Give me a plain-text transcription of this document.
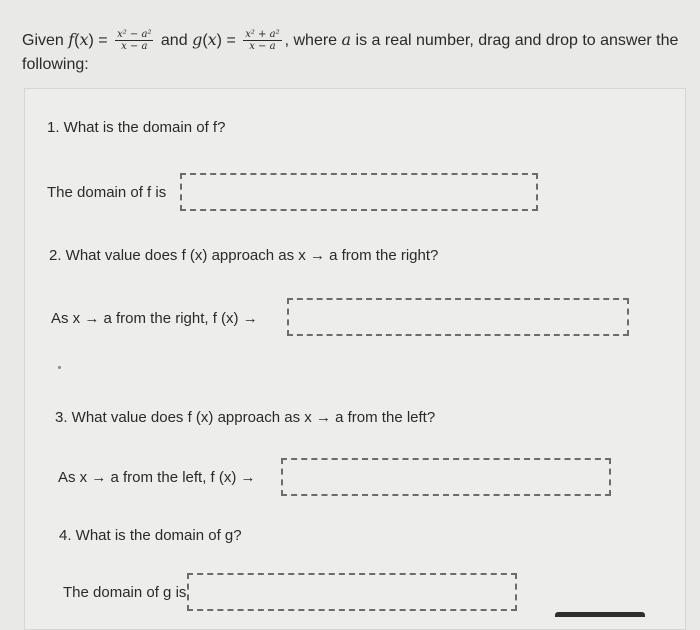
Given $f(x) = \frac{\text{x² − a²}}{x - a}$ and $g(x) = \frac{\text{x² + a²}}{x - a}$ , where a is a real number, drag and drop to answer the following:
1. What is the domain of f?
The domain of f is
2. What value does f (x) approach as x → a from the right?
As x → a from the right, f (x) →
3. What value does f (x) approach as x → a from the left?
As x → a from the left, f (x) →
4. What is the domain of g?
The domain of g is
